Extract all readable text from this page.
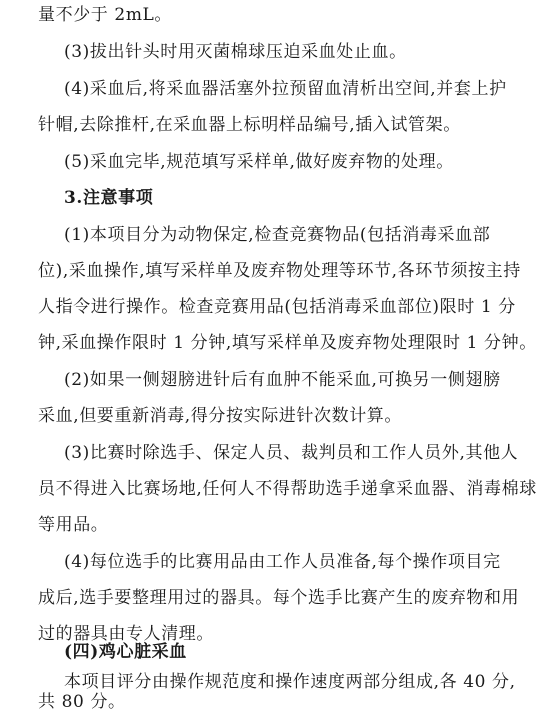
量不少于 2mL。
(3)拔出针头时用灭菌棉球压迫采血处止血。
(4)采血后,将采血器活塞外拉预留血清析出空间,并套上护
针帽,去除推杆,在采血器上标明样品编号,插入试管架。
(5)采血完毕,规范填写采样单,做好废弃物的处理。
3.注意事项
(1)本项目分为动物保定,检查竞赛物品(包括消毒采血部
位),采血操作,填写采样单及废弃物处理等环节,各环节须按主持
人指令进行操作。检查竞赛用品(包括消毒采血部位)限时 1 分
钟,采血操作限时 1 分钟,填写采样单及废弃物处理限时 1 分钟。
(2)如果一侧翅膀进针后有血肿不能采血,可换另一侧翅膀
采血,但要重新消毒,得分按实际进针次数计算。
(3)比赛时除选手、保定人员、裁判员和工作人员外,其他人
员不得进入比赛场地,任何人不得帮助选手递拿采血器、消毒棉球
等用品。
(4)每位选手的比赛用品由工作人员准备,每个操作项目完
成后,选手要整理用过的器具。每个选手比赛产生的废弃物和用
过的器具由专人清理。
(四)鸡心脏采血
本项目评分由操作规范度和操作速度两部分组成,各 40 分,
共 80 分。
